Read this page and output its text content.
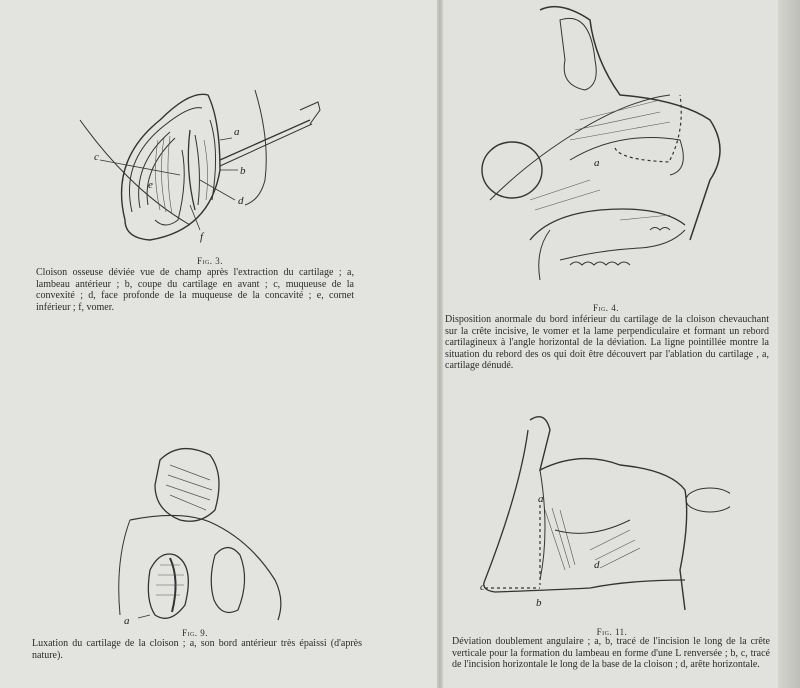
c
e
a
b
d
f
Fig. 3.
Cloison osseuse déviée vue de champ après l'extraction du cartilage ; a, lambeau antérieur ; b, coupe du cartilage en avant ; c, muqueuse de la convexité ; d, face profonde de la muqueuse de la concavité ; e, cornet inférieur ; f, vomer.
a
Fig. 4.
Disposition anormale du bord inférieur du cartilage de la cloison chevauchant sur la crête incisive, le vomer et la lame perpendiculaire et formant un rebord cartilagineux à l'angle horizontal de la déviation. La ligne pointillée montre la situation du rebord des os qui doit être découvert par l'ablation du cartilage , a, cartilage dénudé.
a
Fig. 9.
Luxation du cartilage de la cloison ; a, son bord antérieur très épaissi (d'après nature).
a
b
c
d
Fig. 11.
Déviation doublement angulaire ; a, b, tracé de l'incision le long de la crête verticale pour la formation du lambeau en forme d'une L renversée ; b, c, tracé de l'incision horizontale le long de la base de la cloison ; d, arête horizontale.
